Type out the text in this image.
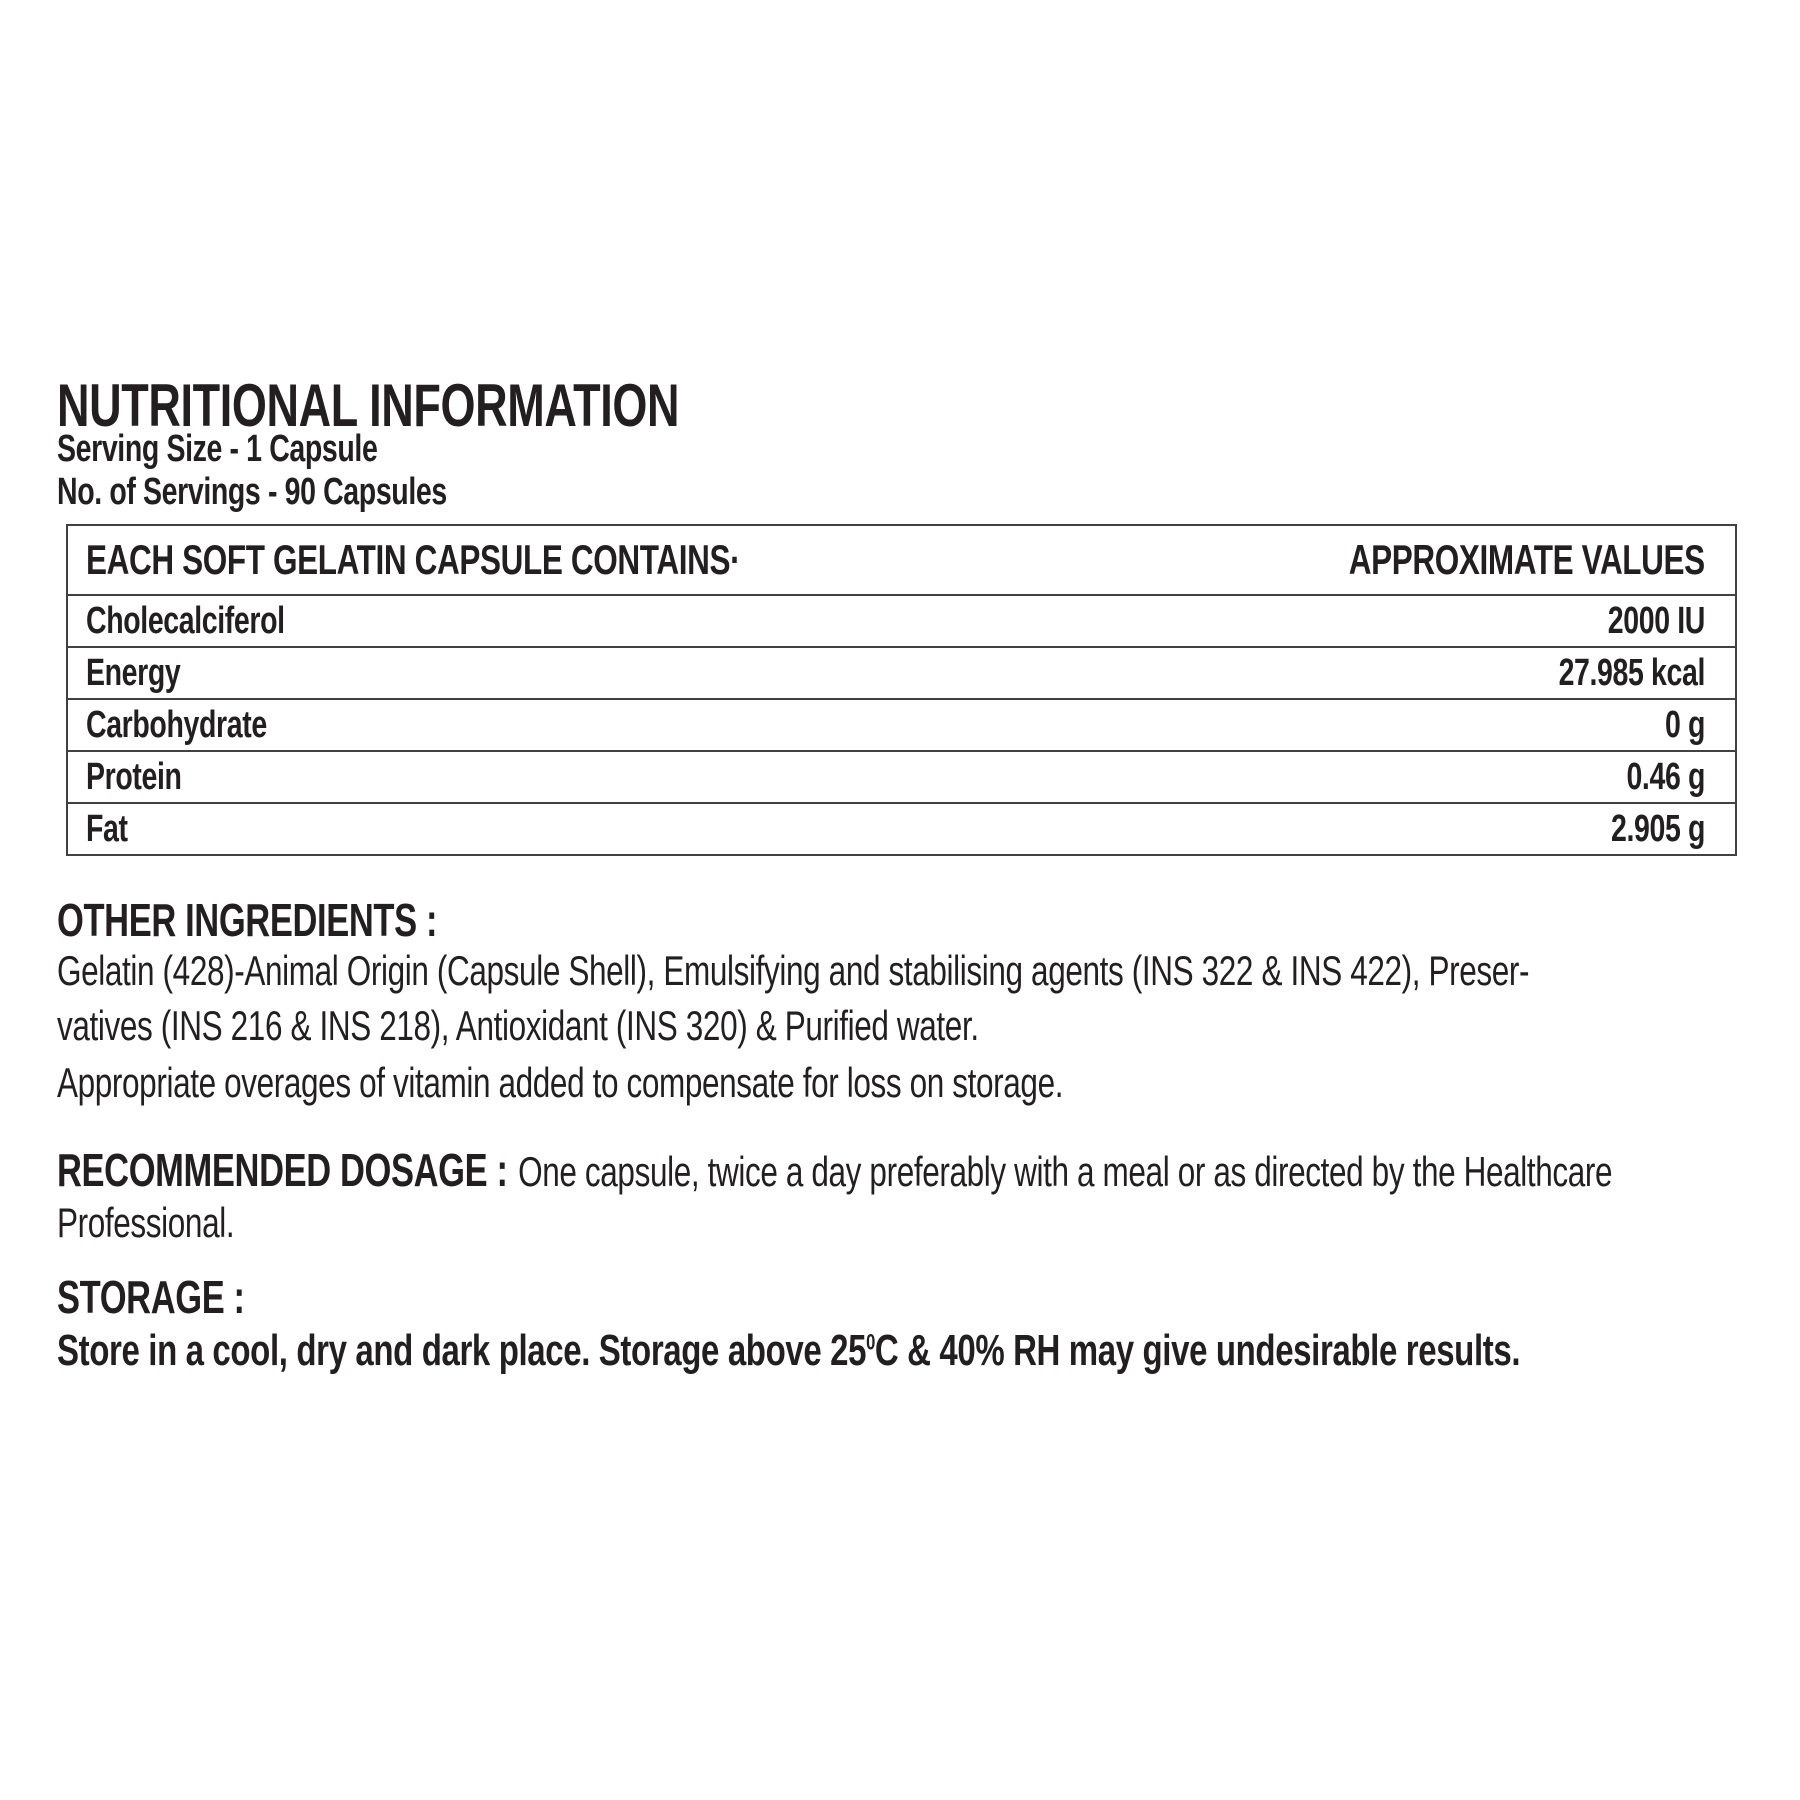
NUTRITIONAL INFORMATION
Serving Size - 1 Capsule
No. of Servings - 90 Capsules
EACH SOFT GELATIN CAPSULE CONTAINS·	APPROXIMATE VALUES
Cholecalciferol	2000 IU
Energy	27.985 kcal
Carbohydrate	0 g
Protein	0.46 g
Fat	2.905 g
OTHER INGREDIENTS :
Gelatin (428)-Animal Origin (Capsule Shell), Emulsifying and stabilising agents (INS 322 & INS 422), Preser-
vatives (INS 216 & INS 218), Antioxidant (INS 320) & Purified water.
Appropriate overages of vitamin added to compensate for loss on storage.
RECOMMENDED DOSAGE : One capsule, twice a day preferably with a meal or as directed by the Healthcare
Professional.
STORAGE :
Store in a cool, dry and dark place. Storage above $25^0C$ & 40% RH may give undesirable results.
